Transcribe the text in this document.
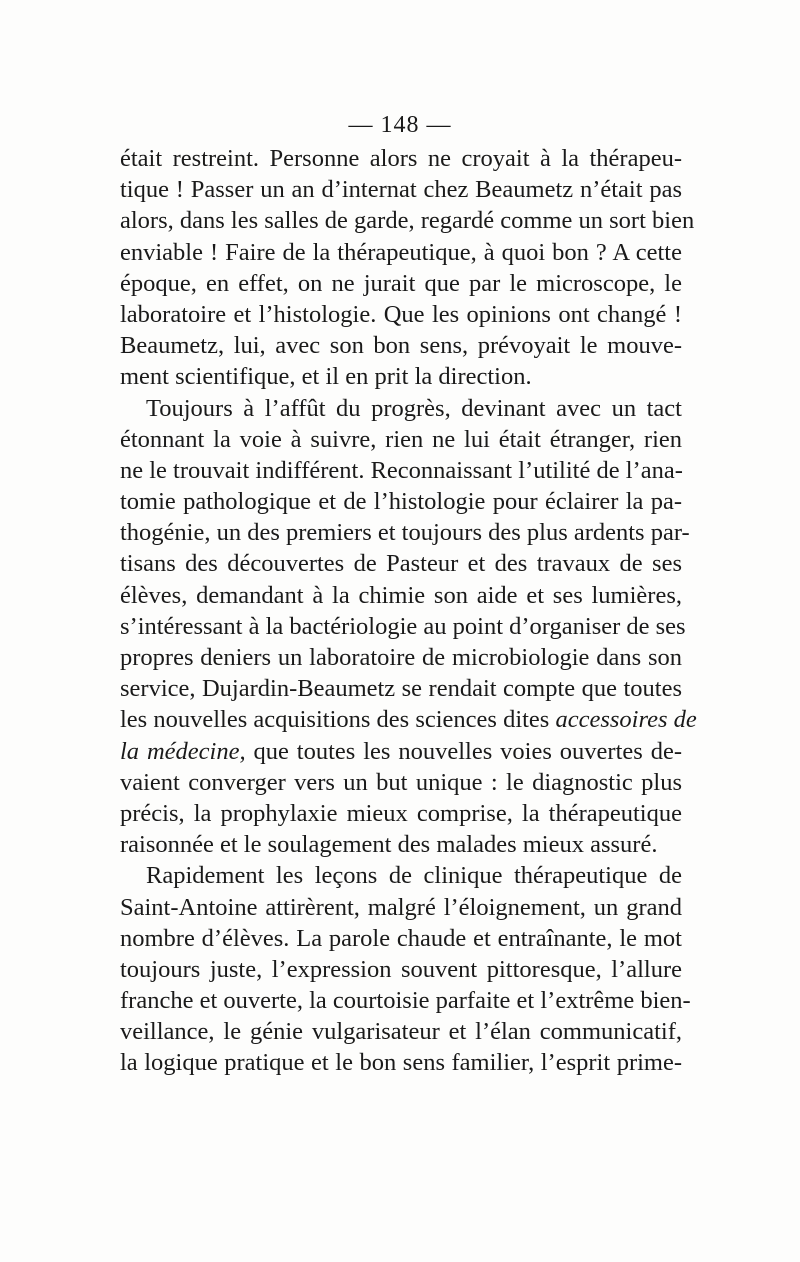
— 148 —
était restreint. Personne alors ne croyait à la thérapeu-
tique ! Passer un an d’internat chez Beaumetz n’était pas
alors, dans les salles de garde, regardé comme un sort bien
enviable ! Faire de la thérapeutique, à quoi bon ? A cette
époque, en effet, on ne jurait que par le microscope, le
laboratoire et l’histologie. Que les opinions ont changé !
Beaumetz, lui, avec son bon sens, prévoyait le mouve-
ment scientifique, et il en prit la direction.
Toujours à l’affût du progrès, devinant avec un tact
étonnant la voie à suivre, rien ne lui était étranger, rien
ne le trouvait indifférent. Reconnaissant l’utilité de l’ana-
tomie pathologique et de l’histologie pour éclairer la pa-
thogénie, un des premiers et toujours des plus ardents par-
tisans des découvertes de Pasteur et des travaux de ses
élèves, demandant à la chimie son aide et ses lumières,
s’intéressant à la bactériologie au point d’organiser de ses
propres deniers un laboratoire de microbiologie dans son
service, Dujardin-Beaumetz se rendait compte que toutes
les nouvelles acquisitions des sciences dites accessoires de
la médecine, que toutes les nouvelles voies ouvertes de-
vaient converger vers un but unique : le diagnostic plus
précis, la prophylaxie mieux comprise, la thérapeutique
raisonnée et le soulagement des malades mieux assuré.
Rapidement les leçons de clinique thérapeutique de
Saint-Antoine attirèrent, malgré l’éloignement, un grand
nombre d’élèves. La parole chaude et entraînante, le mot
toujours juste, l’expression souvent pittoresque, l’allure
franche et ouverte, la courtoisie parfaite et l’extrême bien-
veillance, le génie vulgarisateur et l’élan communicatif,
la logique pratique et le bon sens familier, l’esprit prime-
